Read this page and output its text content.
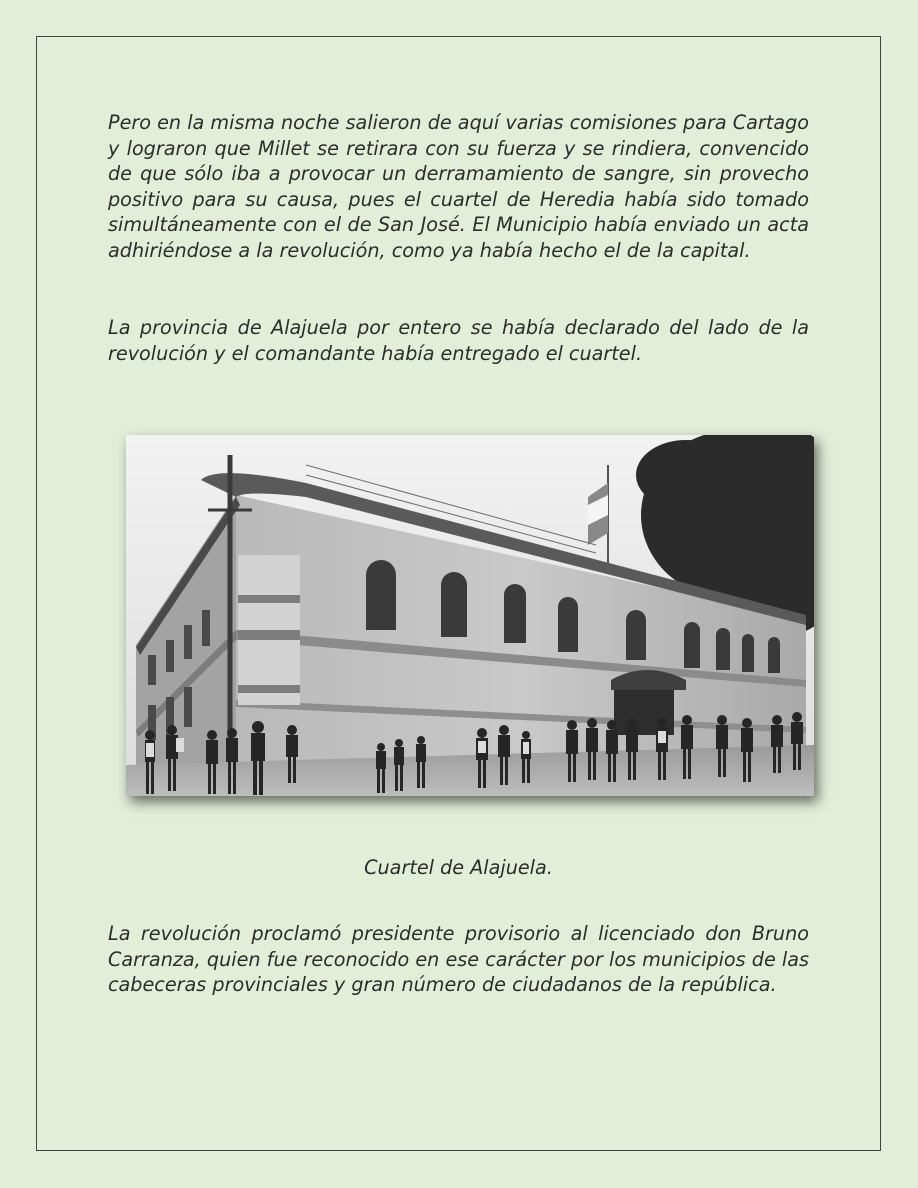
Pero en la misma noche salieron de aquí varias comisiones para Cartago y lograron que Millet se retirara con su fuerza y se rindiera, convencido de que sólo iba a provocar un derramamiento de sangre, sin provecho positivo para su causa, pues el cuartel de Heredia había sido tomado simultáneamente con el de San José. El Municipio había enviado un acta adhiriéndose a la revolución, como ya había hecho el de la capital.

La provincia de Alajuela por entero se había declarado del lado de la revolución y el comandante había entregado el cuartel.

Cuartel de Alajuela.

La revolución proclamó presidente provisorio al licenciado don Bruno Carranza, quien fue reconocido en ese carácter por los municipios de las cabeceras provinciales y gran número de ciudadanos de la república.
